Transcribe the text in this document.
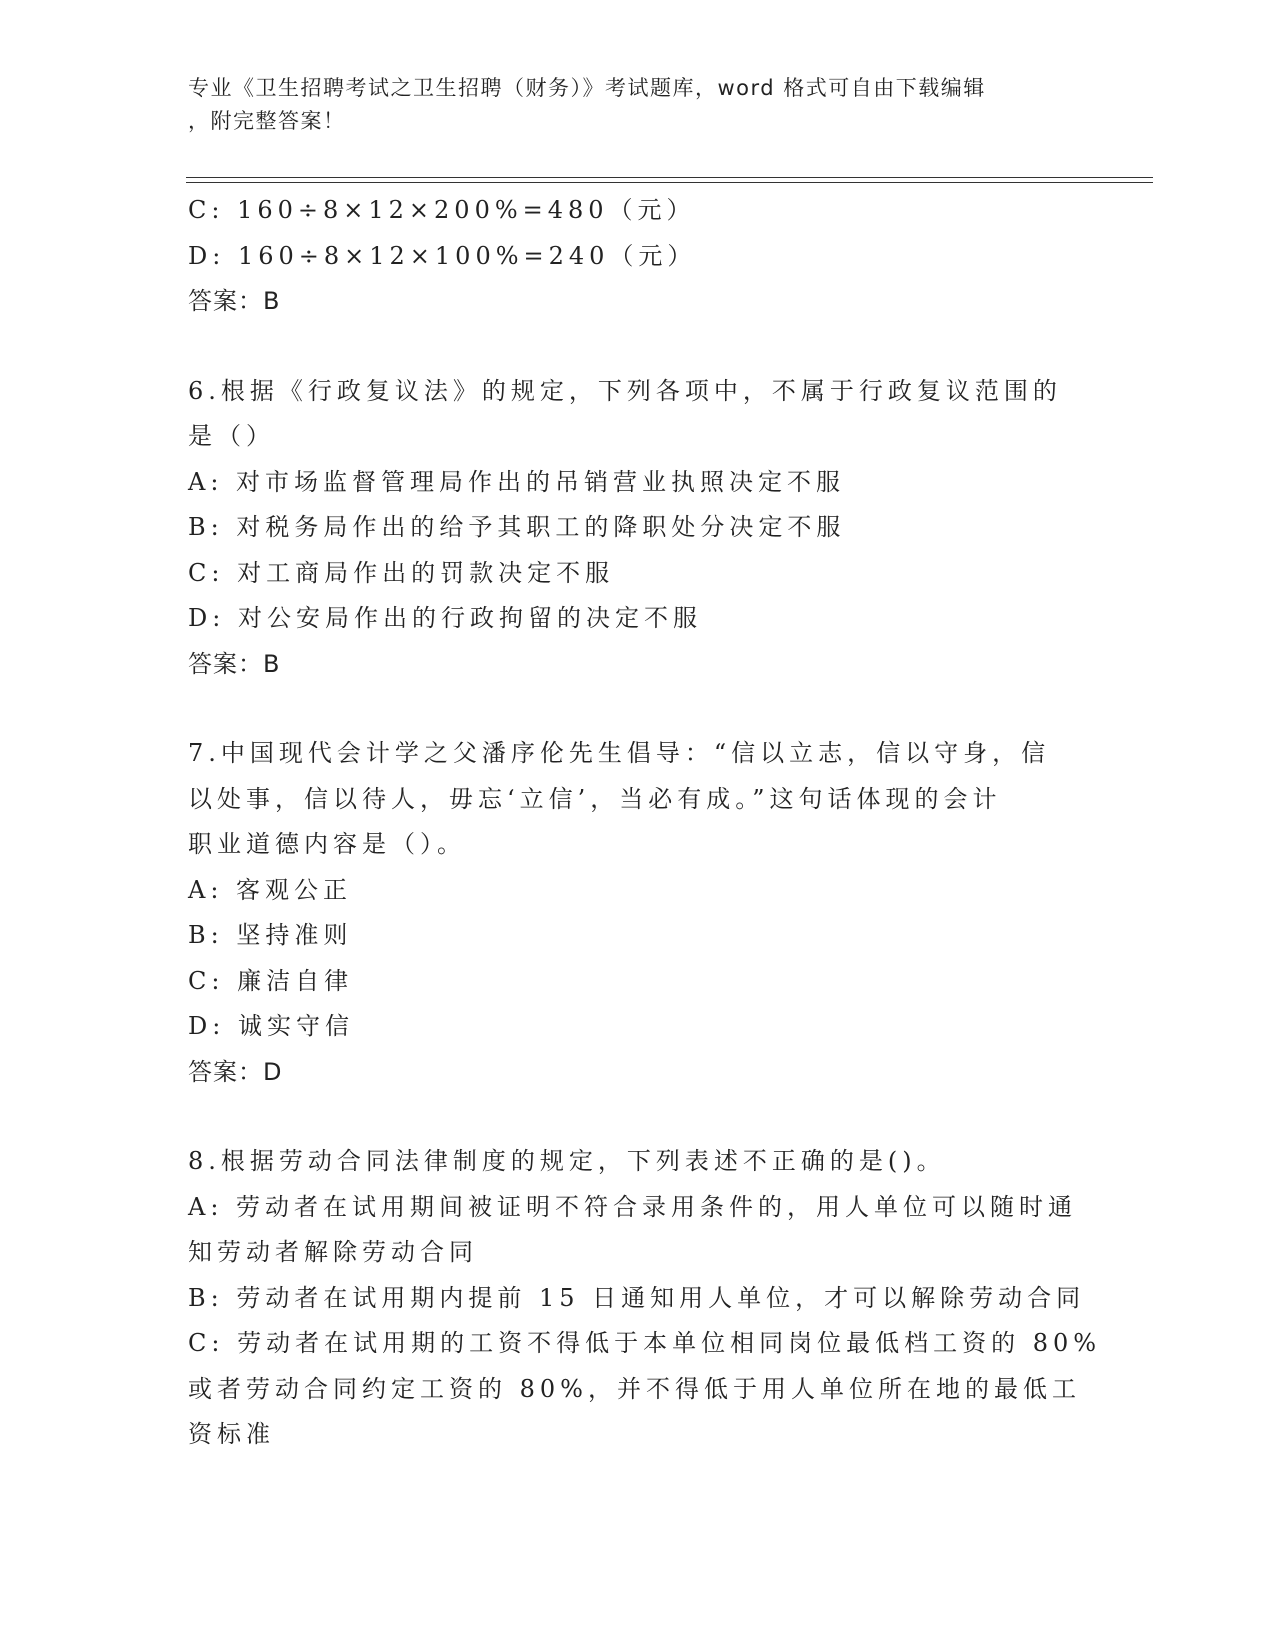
专业《卫生招聘考试之卫生招聘（财务）》考试题库，word 格式可自由下载编辑
，附完整答案！
C: 160÷8×12×200%=480（元）
D: 160÷8×12×100%=240（元）
答案：B
6.根据《行政复议法》的规定，下列各项中，不属于行政复议范围的
是（）
A: 对市场监督管理局作出的吊销营业执照决定不服
B: 对税务局作出的给予其职工的降职处分决定不服
C: 对工商局作出的罚款决定不服
D: 对公安局作出的行政拘留的决定不服
答案：B
7.中国现代会计学之父潘序伦先生倡导：“信以立志，信以守身，信
以处事，信以待人，毋忘‘立信’，当必有成。”这句话体现的会计
职业道德内容是（）。
A: 客观公正
B: 坚持准则
C: 廉洁自律
D: 诚实守信
答案：D
8.根据劳动合同法律制度的规定，下列表述不正确的是()。
A: 劳动者在试用期间被证明不符合录用条件的，用人单位可以随时通
知劳动者解除劳动合同
B: 劳动者在试用期内提前 15 日通知用人单位，才可以解除劳动合同
C: 劳动者在试用期的工资不得低于本单位相同岗位最低档工资的 80%
或者劳动合同约定工资的 80%，并不得低于用人单位所在地的最低工
资标准
